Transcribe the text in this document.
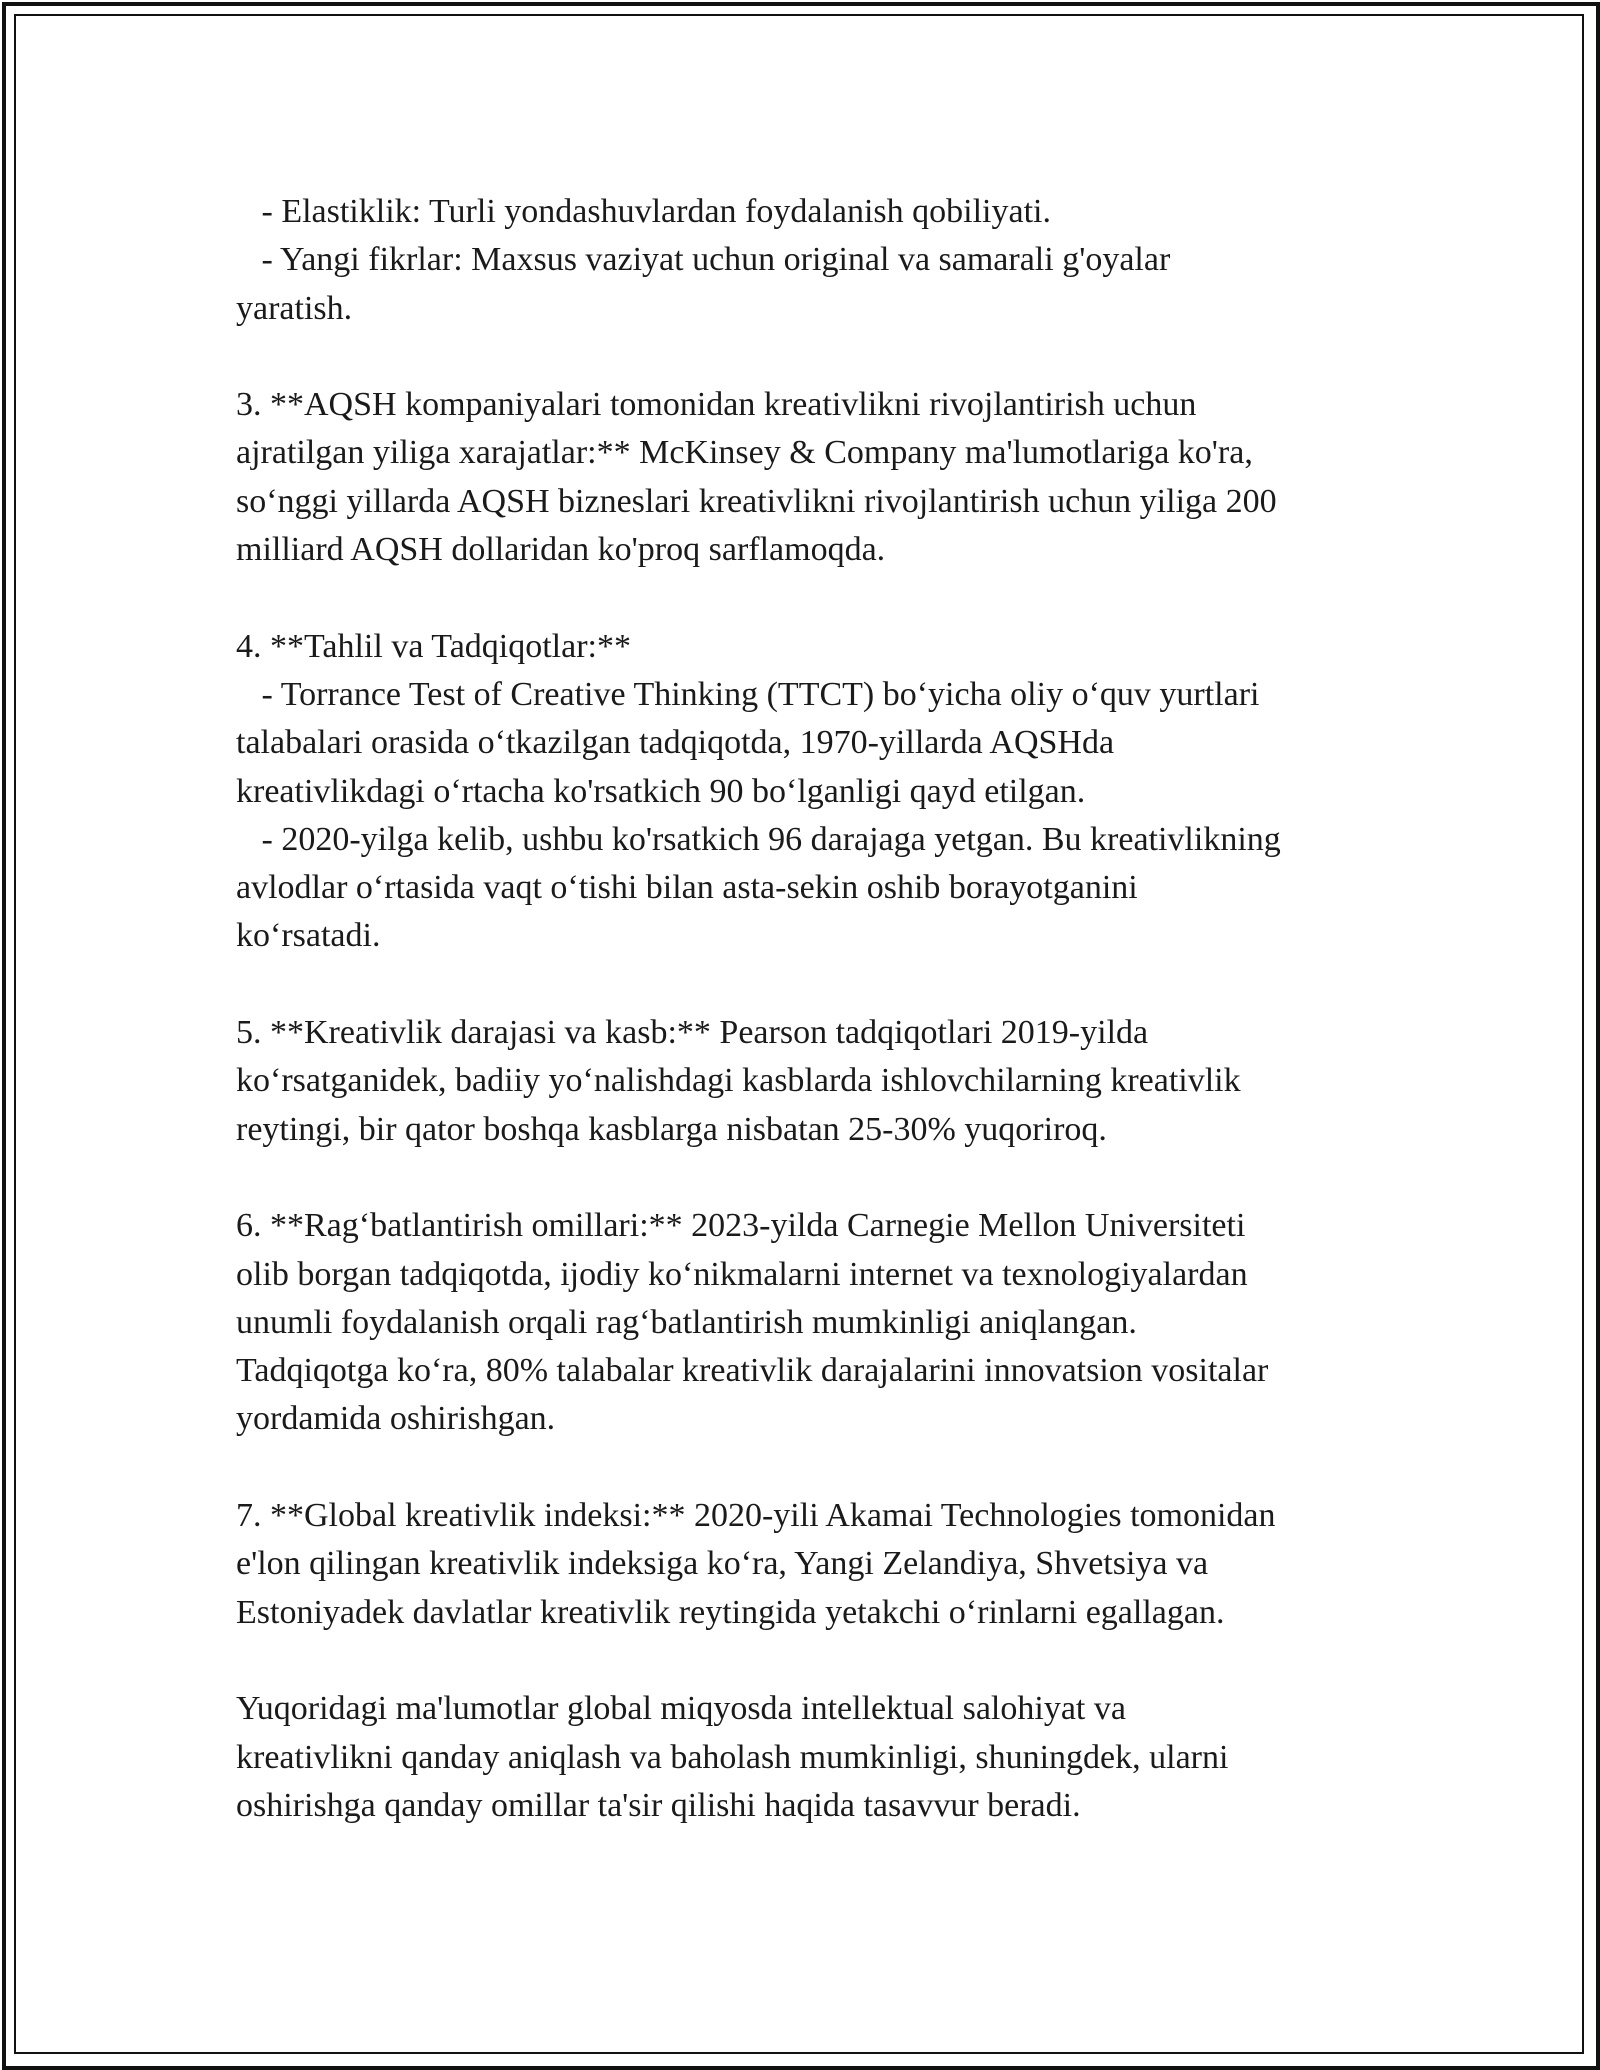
- Elastiklik: Turli yondashuvlardan foydalanish qobiliyati.
- Yangi fikrlar: Maxsus vaziyat uchun original va samarali g'oyalar
yaratish.
3. **AQSH kompaniyalari tomonidan kreativlikni rivojlantirish uchun
ajratilgan yiliga xarajatlar:** McKinsey & Company ma'lumotlariga ko'ra,
so‘nggi yillarda AQSH bizneslari kreativlikni rivojlantirish uchun yiliga 200
milliard AQSH dollaridan ko'proq sarflamoqda.
4. **Tahlil va Tadqiqotlar:**
- Torrance Test of Creative Thinking (TTCT) bo‘yicha oliy o‘quv yurtlari
talabalari orasida o‘tkazilgan tadqiqotda, 1970-yillarda AQSHda
kreativlikdagi o‘rtacha ko'rsatkich 90 bo‘lganligi qayd etilgan.
- 2020-yilga kelib, ushbu ko'rsatkich 96 darajaga yetgan. Bu kreativlikning
avlodlar o‘rtasida vaqt o‘tishi bilan asta-sekin oshib borayotganini
ko‘rsatadi.
5. **Kreativlik darajasi va kasb:** Pearson tadqiqotlari 2019-yilda
ko‘rsatganidek, badiiy yo‘nalishdagi kasblarda ishlovchilarning kreativlik
reytingi, bir qator boshqa kasblarga nisbatan 25-30% yuqoriroq.
6. **Rag‘batlantirish omillari:** 2023-yilda Carnegie Mellon Universiteti
olib borgan tadqiqotda, ijodiy ko‘nikmalarni internet va texnologiyalardan
unumli foydalanish orqali rag‘batlantirish mumkinligi aniqlangan.
Tadqiqotga ko‘ra, 80% talabalar kreativlik darajalarini innovatsion vositalar
yordamida oshirishgan.
7. **Global kreativlik indeksi:** 2020-yili Akamai Technologies tomonidan
e'lon qilingan kreativlik indeksiga ko‘ra, Yangi Zelandiya, Shvetsiya va
Estoniyadek davlatlar kreativlik reytingida yetakchi o‘rinlarni egallagan.
Yuqoridagi ma'lumotlar global miqyosda intellektual salohiyat va
kreativlikni qanday aniqlash va baholash mumkinligi, shuningdek, ularni
oshirishga qanday omillar ta'sir qilishi haqida tasavvur beradi.
